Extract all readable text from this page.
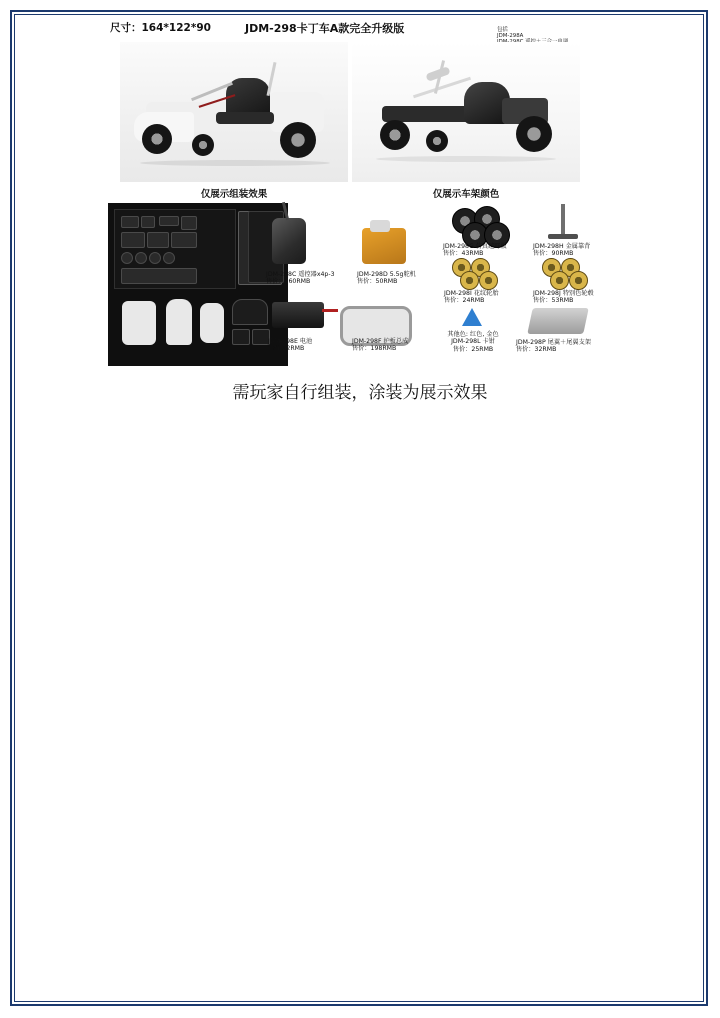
尺寸：164*122*90	JDM-298卡丁车A款完全升级版	包括
JDM-298A
仅展示组装效果	仅展示车架颜色
JDM-298C 遥控器x4p-3
售价：160RMB
JDM-298D 5.5g舵机
售价：50RMB
JDM-298G 仿真越野板
售价：43RMB
JDM-298H 金属靠背
售价：90RMB
JDM-298I 花纹轮胎
售价：24RMB
JDM-298J 特别色轮毂
售价：53RMB
JDM-298E 电池
售价:52RMB
JDM-298F 护板总成
售价：198RMB
其他色: 红色, 金色
JDM-298L 卡钳
售价：25RMB
JDM-298P 尾翼＋尾翼支架
售价：32RMB
需玩家自行组装，涂装为展示效果
